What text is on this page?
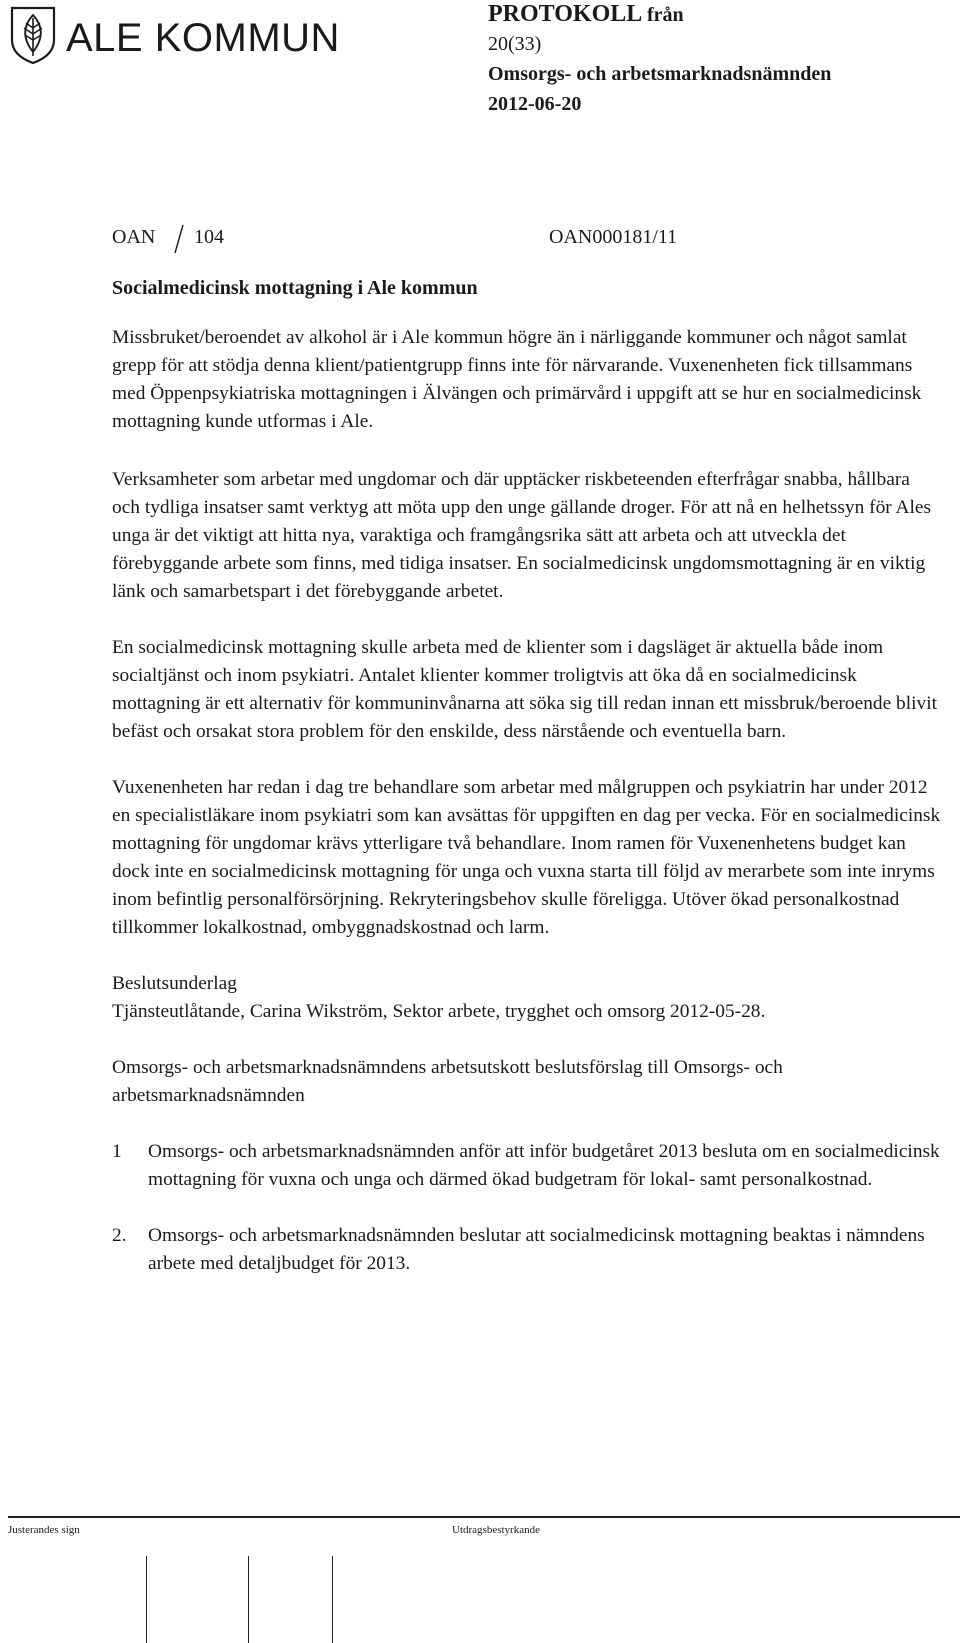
ALE KOMMUN
PROTOKOLL från
20(33)
Omsorgs- och arbetsmarknadsnämnden
2012-06-20
OAN 104	OAN000181/11
Socialmedicinsk mottagning i Ale kommun

Missbruket/beroendet av alkohol är i Ale kommun högre än i närliggande kommuner och något samlat grepp för att stödja denna klient/patientgrupp finns inte för närvarande. Vuxenenheten fick tillsammans med Öppenpsykiatriska mottagningen i Älvängen och primärvård i uppgift att se hur en socialmedicinsk mottagning kunde utformas i Ale.

Verksamheter som arbetar med ungdomar och där upptäcker riskbeteenden efterfrågar snabba, hållbara och tydliga insatser samt verktyg att möta upp den unge gällande droger. För att nå en helhetssyn för Ales unga är det viktigt att hitta nya, varaktiga och framgångsrika sätt att arbeta och att utveckla det förebyggande arbete som finns, med tidiga insatser. En socialmedicinsk ungdomsmottagning är en viktig länk och samarbetspart i det förebyggande arbetet.

En socialmedicinsk mottagning skulle arbeta med de klienter som i dagsläget är aktuella både inom socialtjänst och inom psykiatri. Antalet klienter kommer troligtvis att öka då en socialmedicinsk mottagning är ett alternativ för kommuninvånarna att söka sig till redan innan ett missbruk/beroende blivit befäst och orsakat stora problem för den enskilde, dess närstående och eventuella barn.

Vuxenenheten har redan i dag tre behandlare som arbetar med målgruppen och psykiatrin har under 2012 en specialistläkare inom psykiatri som kan avsättas för uppgiften en dag per vecka. För en socialmedicinsk mottagning för ungdomar krävs ytterligare två behandlare. Inom ramen för Vuxenenhetens budget kan dock inte en socialmedicinsk mottagning för unga och vuxna starta till följd av merarbete som inte inryms inom befintlig personalförsörjning. Rekryteringsbehov skulle föreligga. Utöver ökad personalkostnad tillkommer lokalkostnad, ombyggnadskostnad och larm.

Beslutsunderlag

Tjänsteutlåtande, Carina Wikström, Sektor arbete, trygghet och omsorg 2012-05-28.

Omsorgs- och arbetsmarknadsnämndens arbetsutskott beslutsförslag till Omsorgs- och arbetsmarknadsnämnden

1 Omsorgs- och arbetsmarknadsnämnden anför att inför budgetåret 2013 besluta om en socialmedicinsk mottagning för vuxna och unga och därmed ökad budgetram för lokal- samt personalkostnad.
2. Omsorgs- och arbetsmarknadsnämnden beslutar att socialmedicinsk mottagning beaktas i nämndens arbete med detaljbudget för 2013.
Justerandes sign	Utdragsbestyrkande
